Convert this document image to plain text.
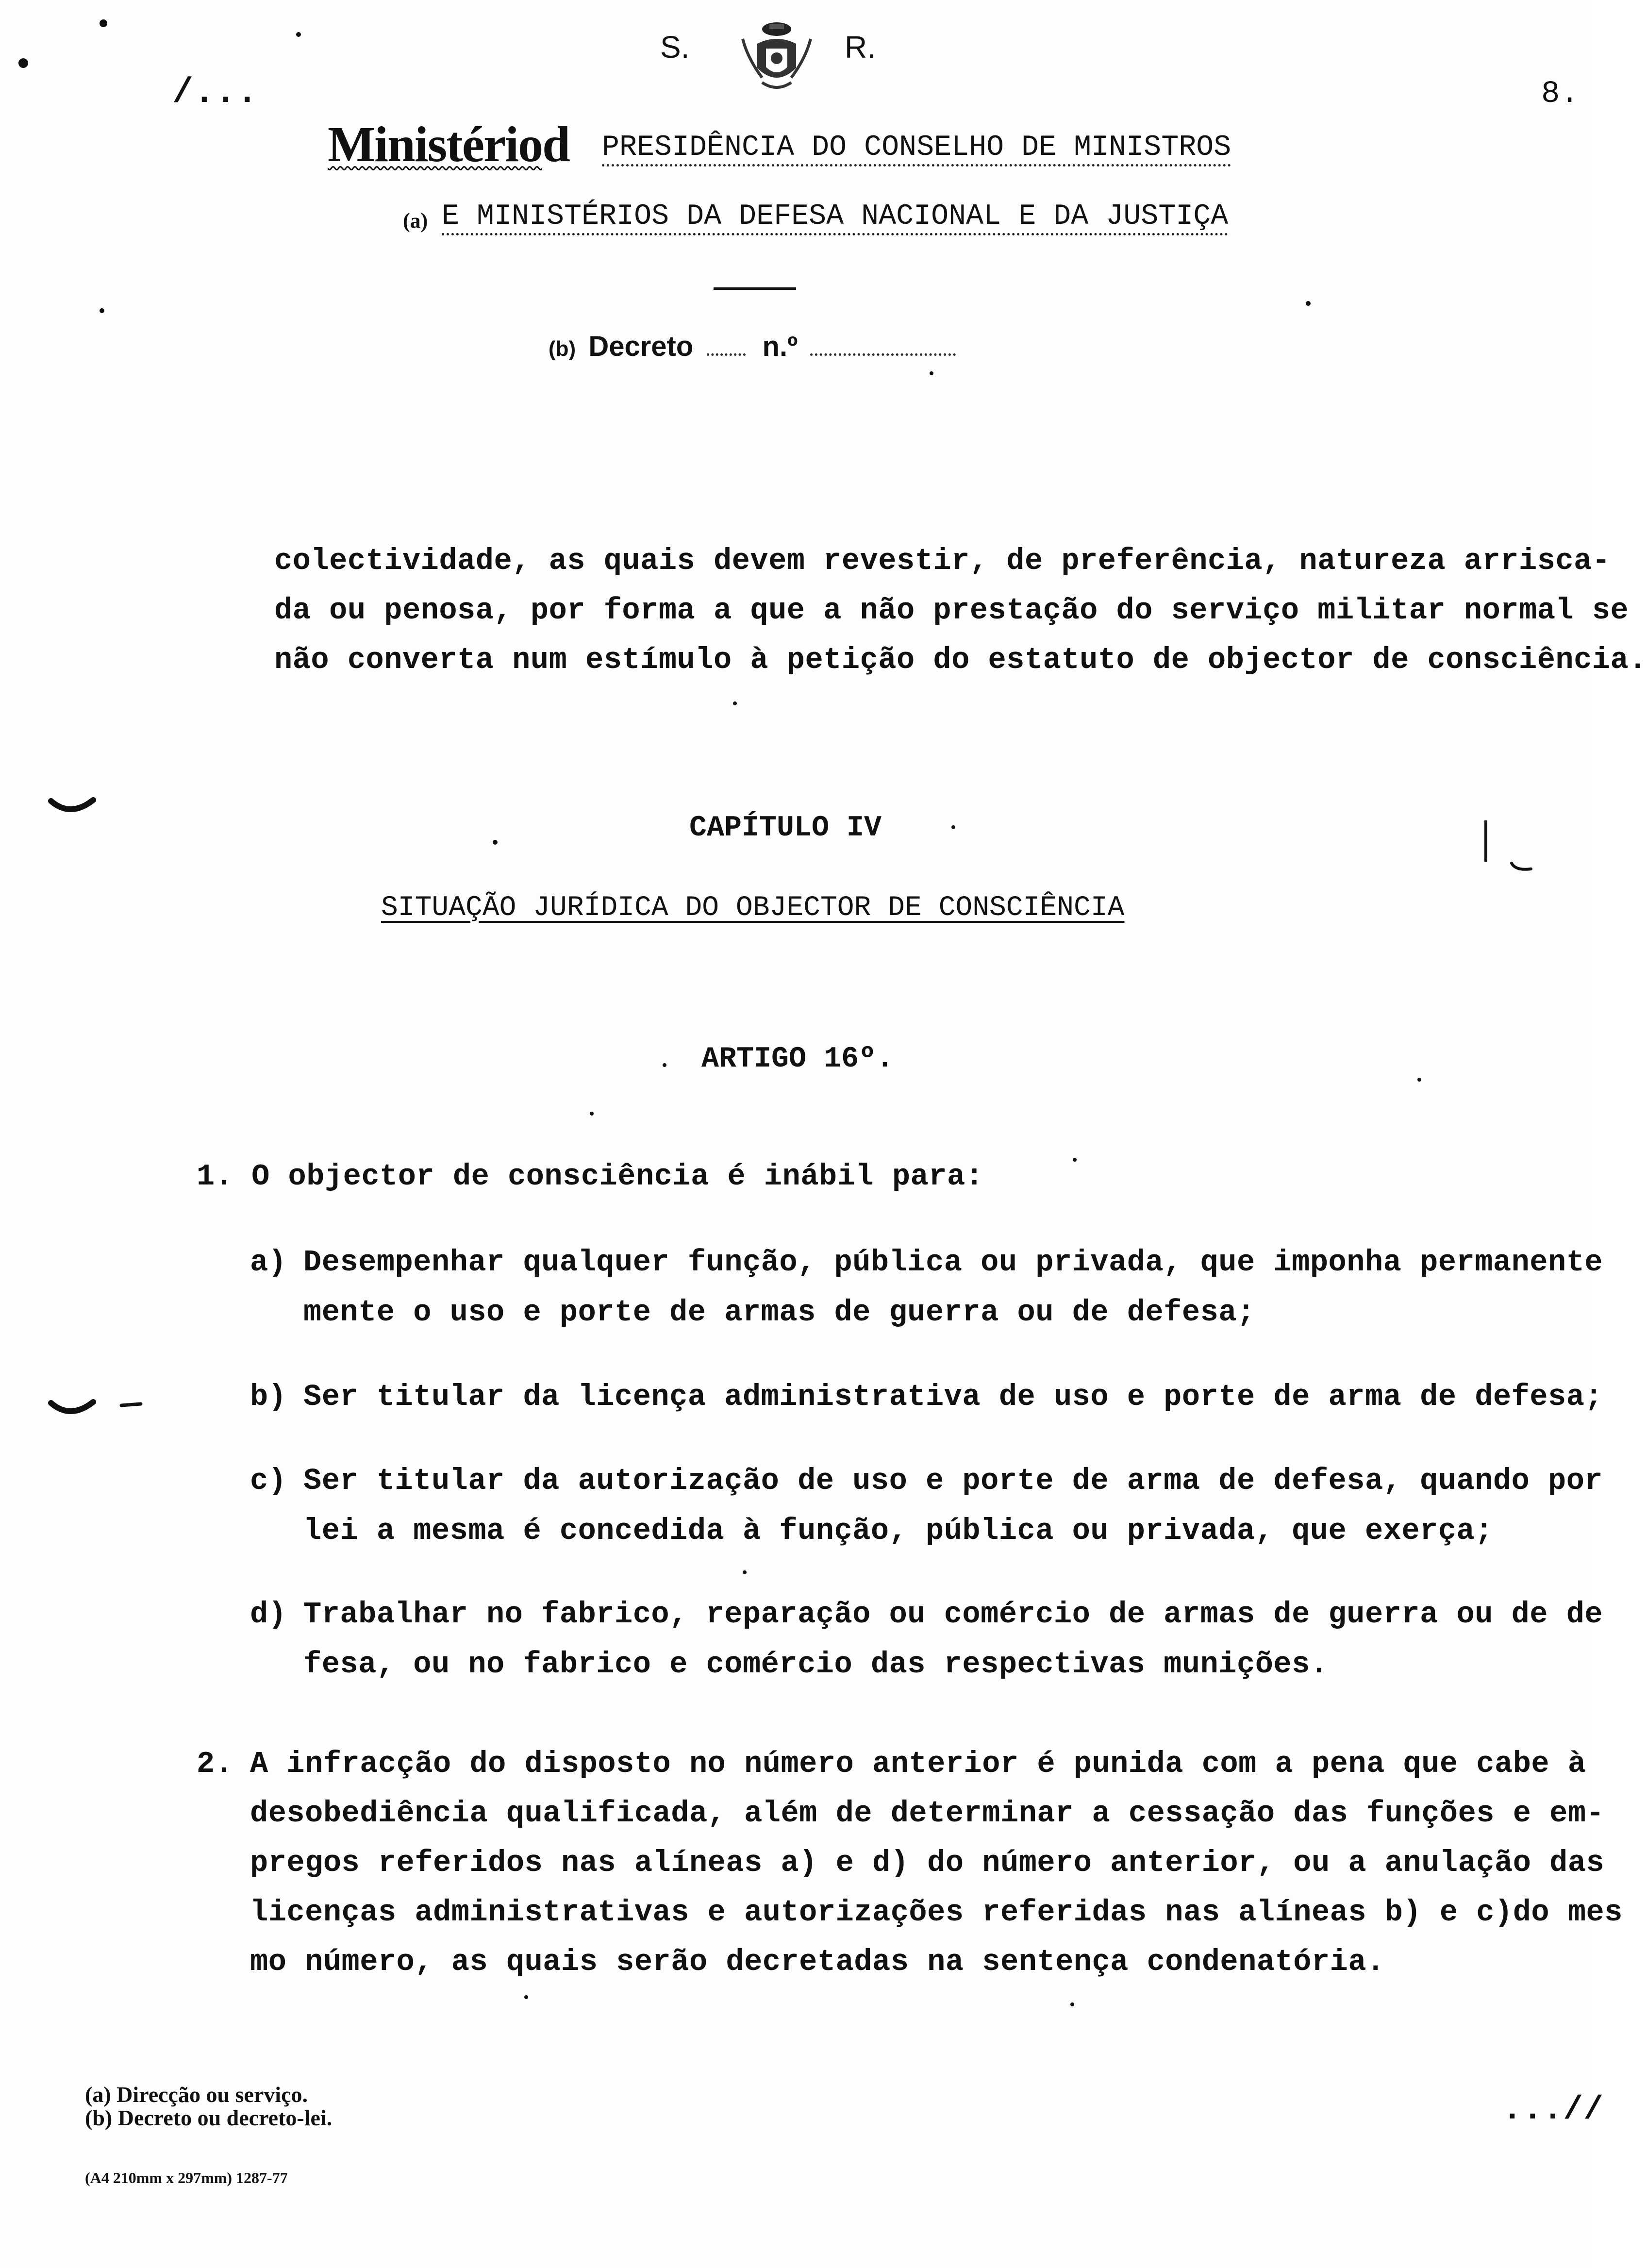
/...
S.	R.
8.
Ministériod PRESIDÊNCIA DO CONSELHO DE MINISTROS
(a) E MINISTÉRIOS DA DEFESA NACIONAL E DA JUSTIÇA
(b) Decreto n.º
colectividade, as quais devem revestir, de preferência, natureza arrisca-
da ou penosa, por forma a que a não prestação do serviço militar normal se
não converta num estímulo à petição do estatuto de objector de consciência.
CAPÍTULO IV
SITUAÇÃO JURÍDICA DO OBJECTOR DE CONSCIÊNCIA
ARTIGO 16º.
1. O objector de consciência é inábil para:
a) Desempenhar qualquer função, pública ou privada, que imponha permanente
mente o uso e porte de armas de guerra ou de defesa;
b) Ser titular da licença administrativa de uso e porte de arma de defesa;
c) Ser titular da autorização de uso e porte de arma de defesa, quando por
lei a mesma é concedida à função, pública ou privada, que exerça;
d) Trabalhar no fabrico, reparação ou comércio de armas de guerra ou de de
fesa, ou no fabrico e comércio das respectivas munições.
2. A infracção do disposto no número anterior é punida com a pena que cabe à
desobediência qualificada, além de determinar a cessação das funções e em-
pregos referidos nas alíneas a) e d) do número anterior, ou a anulação das
licenças administrativas e autorizações referidas nas alíneas b) e c)do mes
mo número, as quais serão decretadas na sentença condenatória.
(a) Direcção ou serviço.
(b) Decreto ou decreto-lei.
(A4 210mm x 297mm) 1287-77
...//
